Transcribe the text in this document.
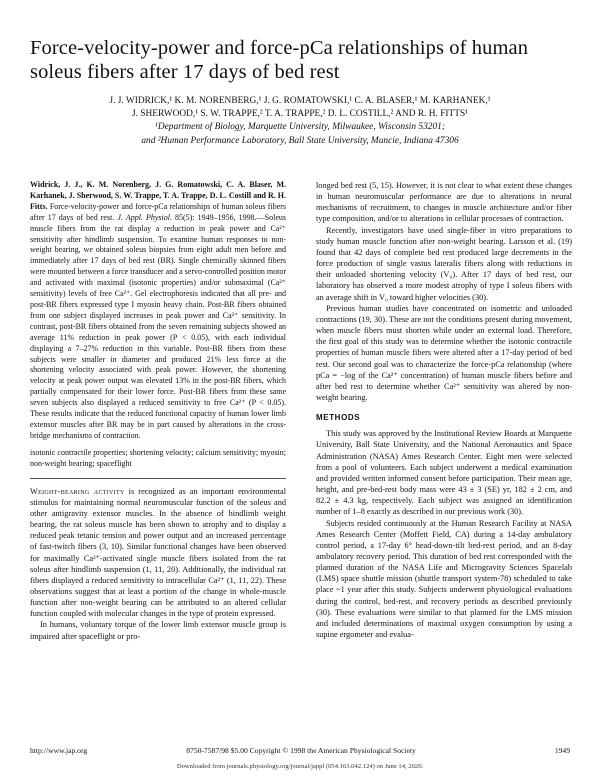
Force-velocity-power and force-pCa relationships of human soleus fibers after 17 days of bed rest
J. J. WIDRICK,¹ K. M. NORENBERG,¹ J. G. ROMATOWSKI,¹ C. A. BLASER,¹ M. KARHANEK,¹
J. SHERWOOD,¹ S. W. TRAPPE,² T. A. TRAPPE,² D. L. COSTILL,² AND R. H. FITTS¹
¹Department of Biology, Marquette University, Milwaukee, Wisconsin 53201;
and ²Human Performance Laboratory, Ball State University, Muncie, Indiana 47306

Widrick, J. J., K. M. Norenberg, J. G. Romatowski, C. A. Blaser, M. Karhanek, J. Sherwood, S. W. Trappe, T. A. Trappe, D. L. Costill and R. H. Fitts. Force-velocity-power and force-pCa relationships of human soleus fibers after 17 days of bed rest. J. Appl. Physiol. 85(5): 1949–1956, 1998.—Soleus muscle fibers from the rat display a reduction in peak power and Ca²⁺ sensitivity after hindlimb suspension. To examine human responses to non-weight bearing, we obtained soleus biopsies from eight adult men before and immediately after 17 days of bed rest (BR). Single chemically skinned fibers were mounted between a force transducer and a servo-controlled position motor and activated with maximal (isotonic properties) and/or submaximal (Ca²⁺ sensitivity) levels of free Ca²⁺. Gel electrophoresis indicated that all pre- and post-BR fibers expressed type I myosin heavy chain. Post-BR fibers obtained from one subject displayed increases in peak power and Ca²⁺ sensitivity. In contrast, post-BR fibers obtained from the seven remaining subjects showed an average 11% reduction in peak power (P < 0.05), with each individual displaying a 7–27% reduction in this variable. Post-BR fibers from these subjects were smaller in diameter and produced 21% less force at the shortening velocity associated with peak power. However, the shortening velocity at peak power output was elevated 13% in the post-BR fibers, which partially compensated for their lower force. Post-BR fibers from these same seven subjects also displayed a reduced sensitivity to free Ca²⁺ (P < 0.05). These results indicate that the reduced functional capacity of human lower limb extensor muscles after BR may be in part caused by alterations in the cross-bridge mechanisms of contraction.

isotonic contractile properties; shortening velocity; calcium sensitivity; myosin; non-weight bearing; spaceflight

Weight-bearing activity is recognized as an important environmental stimulus for maintaining normal neuromuscular function of the soleus and other antigravity extensor muscles. In the absence of hindlimb weight bearing, the rat soleus muscle has been shown to atrophy and to display a reduced peak tetanic tension and power output and an increased percentage of fast-twitch fibers (3, 10). Similar functional changes have been observed for maximally Ca²⁺-activated single muscle fibers isolated from the rat soleus after hindlimb suspension (1, 11, 20). Additionally, the individual rat fibers displayed a reduced sensitivity to intracellular Ca²⁺ (1, 11, 22). These observations suggest that at least a portion of the change in whole-muscle function after non-weight bearing can be attributed to an altered cellular function coupled with molecular changes in the type of protein expressed.

In humans, voluntary torque of the lower limb extensor muscle group is impaired after spaceflight or pro-

longed bed rest (5, 15). However, it is not clear to what extent these changes in human neuromuscular performance are due to alterations in neural mechanisms of recruitment, to changes in muscle architecture and/or fiber type composition, and/or to alterations in cellular processes of contraction.

Recently, investigators have used single-fiber in vitro preparations to study human muscle function after non-weight bearing. Larsson et al. (19) found that 42 days of complete bed rest produced large decrements in the force production of single vastus lateralis fibers along with reductions in their unloaded shortening velocity (V₀). After 17 days of bed rest, our laboratory has observed a more modest atrophy of type I soleus fibers with an average shift in V₀ toward higher velocities (30).

Previous human studies have concentrated on isometric and unloaded contractions (19, 30). These are not the conditions present during movement, when muscle fibers must shorten while under an external load. Therefore, the first goal of this study was to determine whether the isotonic contractile properties of human muscle fibers were altered after a 17-day period of bed rest. Our second goal was to characterize the force-pCa relationship (where pCa = −log of the Ca²⁺ concentration) of human muscle fibers before and after bed rest to determine whether Ca²⁺ sensitivity was altered by non-weight bearing.

METHODS

This study was approved by the Institutional Review Boards at Marquette University, Ball State University, and the National Aeronautics and Space Administration (NASA) Ames Research Center. Eight men were selected from a pool of volunteers. Each subject underwent a medical examination and provided written informed consent before participation. Their mean age, height, and pre-bed-rest body mass were 43 ± 3 (SE) yr, 182 ± 2 cm, and 82.2 ± 4.3 kg, respectively. Each subject was assigned an identification number of 1–8 exactly as described in our previous work (30).

Subjects resided continuously at the Human Research Facility at NASA Ames Research Center (Moffett Field, CA) during a 14-day ambulatory control period, a 17-day 6° head-down-tilt bed-rest period, and an 8-day ambulatory recovery period. This duration of bed rest corresponded with the planned duration of the NASA Life and Microgravity Sciences Spacelab (LMS) space shuttle mission (shuttle transport system-78) scheduled to take place ~1 year after this study. Subjects underwent physiological evaluations during the control, bed-rest, and recovery periods as described previously (30). These evaluations were similar to that planned for the LMS mission and included determinations of maximal oxygen consumption by using a supine ergometer and evalua-

http://www.jap.org	8750-7587/98 $5.00 Copyright © 1998 the American Physiological Society	1949
Downloaded from journals.physiology.org/journal/jappl (054.163.042.124) on June 14, 2020.
